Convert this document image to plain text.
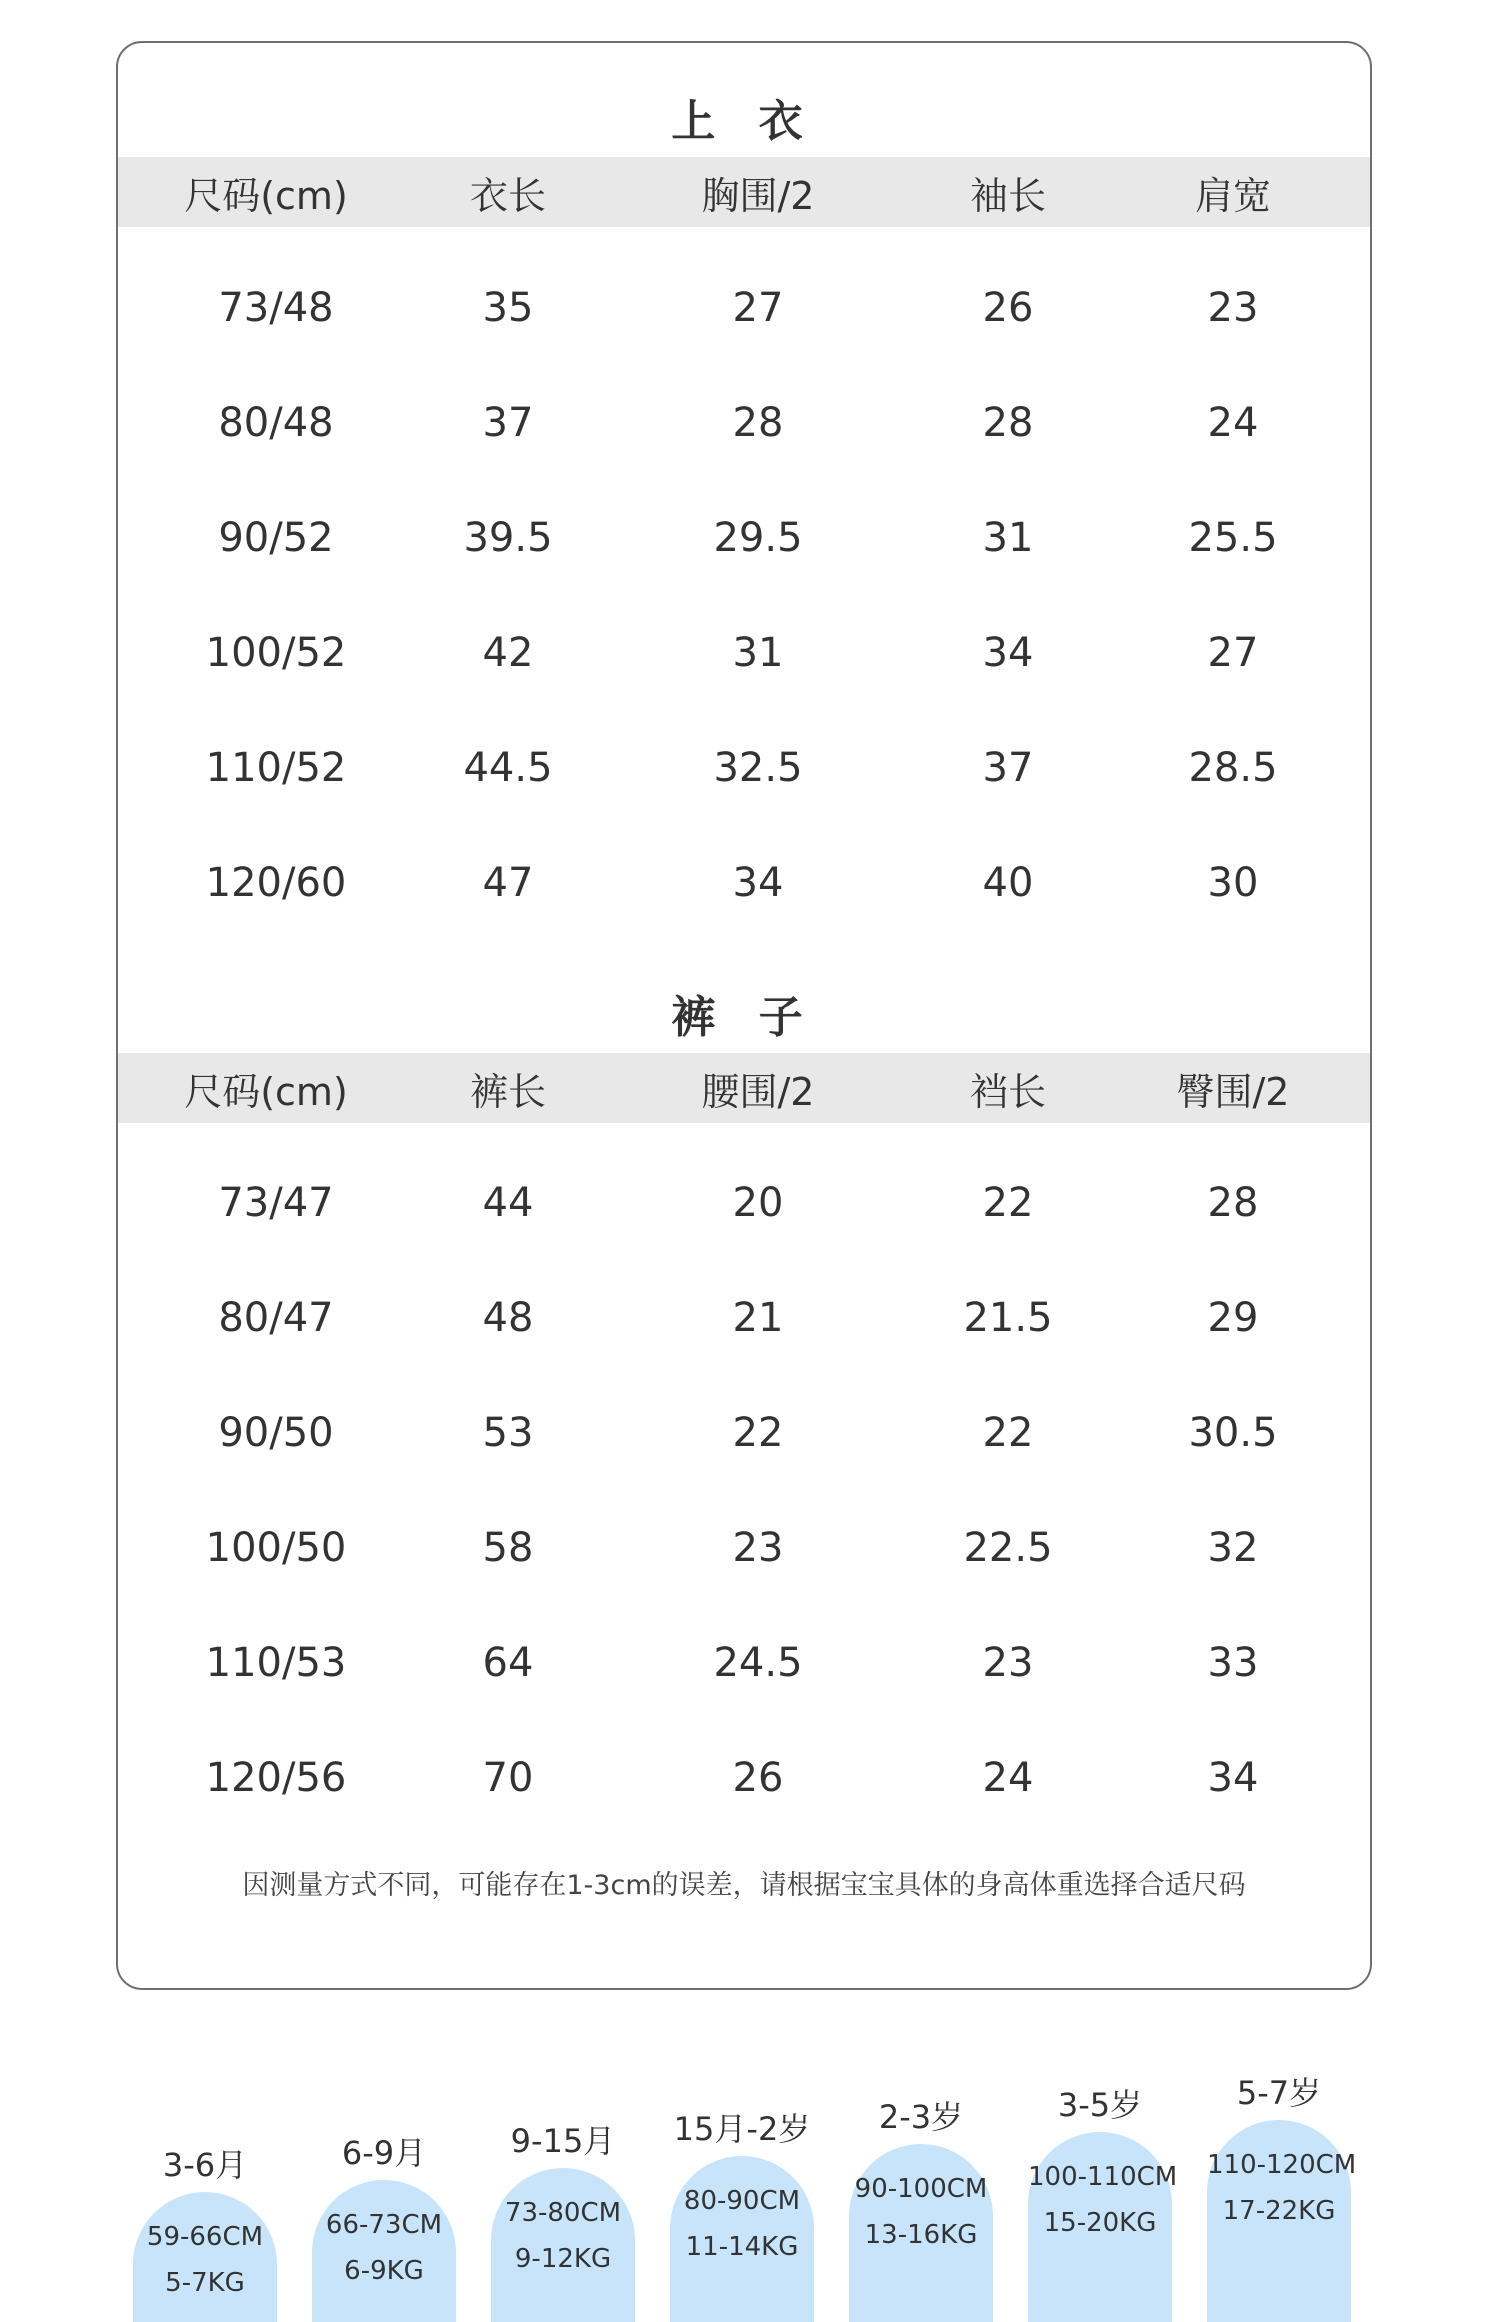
上 衣
尺码(cm)	衣长	胸围/2	袖长	肩宽
73/48	35	27	26	23
80/48	37	28	28	24
90/52	39.5	29.5	31	25.5
100/52	42	31	34	27
110/52	44.5	32.5	37	28.5
120/60	47	34	40	30
裤 子
尺码(cm)	裤长	腰围/2	裆长	臀围/2
73/47	44	20	22	28
80/47	48	21	21.5	29
90/50	53	22	22	30.5
100/50	58	23	22.5	32
110/53	64	24.5	23	33
120/56	70	26	24	34
因测量方式不同，可能存在1-3cm的误差，请根据宝宝具体的身高体重选择合适尺码
3-6月
59-66CM
5-7KG
6-9月
66-73CM
6-9KG
9-15月
73-80CM
9-12KG
15月-2岁
80-90CM
11-14KG
2-3岁
90-100CM
13-16KG
3-5岁
100-110CM
15-20KG
5-7岁
110-120CM
17-22KG
